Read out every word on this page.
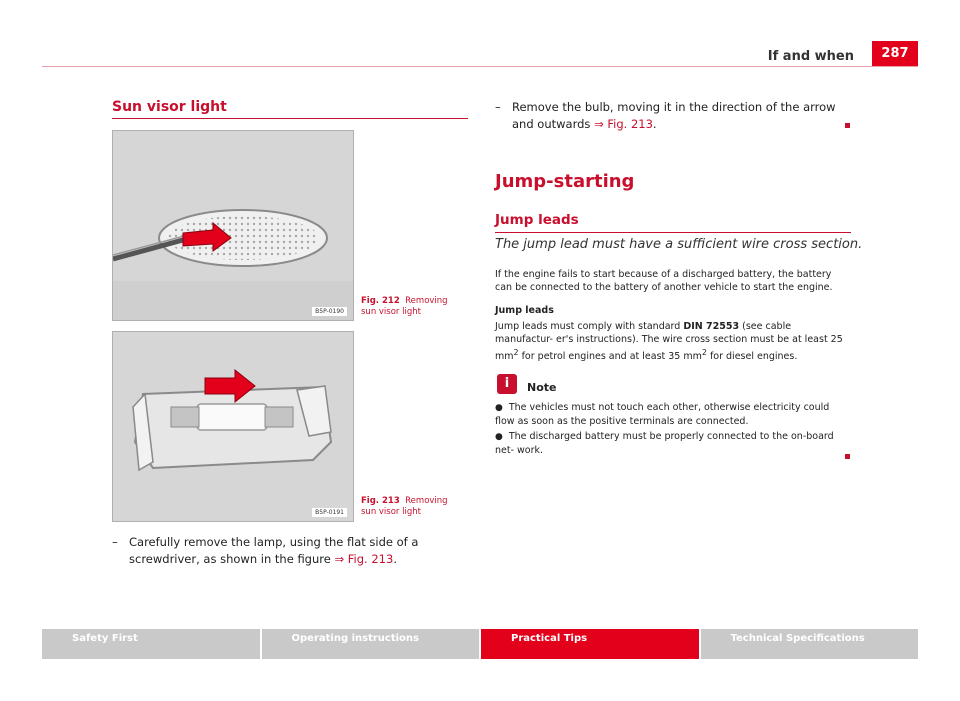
If and when	287
Sun visor light
B5P-0190
Fig. 212 Removing sun visor light
B5P-0191
Fig. 213 Removing sun visor light
– Carefully remove the lamp, using the flat side of a screwdriver, as shown in the figure ⇒ Fig. 213.
– Remove the bulb, moving it in the direction of the arrow and outwards ⇒ Fig. 213.
Jump-starting
Jump leads
The jump lead must have a sufficient wire cross section.
If the engine fails to start because of a discharged battery, the battery can be connected to the battery of another vehicle to start the engine.
Jump leads
Jump leads must comply with standard DIN 72553 (see cable manufactur- er's instructions). The wire cross section must be at least 25 $mm^2$ for petrol engines and at least 35 $mm^2$ for diesel engines.
i	Note
● The vehicles must not touch each other, otherwise electricity could flow as soon as the positive terminals are connected.
● The discharged battery must be properly connected to the on-board net- work.
Safety First	Operating instructions	Practical Tips	Technical Specifications
